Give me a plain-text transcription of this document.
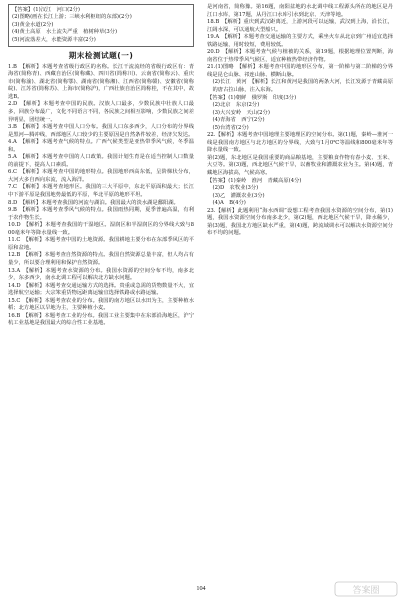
【答案】(1)汉江　河口(2分)

(2)图略(画在长江上游；三峡水利枢纽的东部)(2分)

(3)黄金水道(2分)

(4)黄土高原　水土流失严重　植树种草(3分)

(5)河流落差大，水能资源丰富(2分)

期末检测试题(一)

1.B　【解析】本题考查省级行政区的名称。长江干流流经的省级行政区有：青海省(简称青)、西藏自治区(简称藏)、四川省(简称川)、云南省(简称云)、重庆市(简称渝)、湖北省(简称鄂)、湖南省(简称湘)、江西省(简称赣)、安徽省(简称皖)、江苏省(简称苏)、上海市(简称沪)，广西壮族自治区简称桂，不在其中，故选B。

2.D　【解析】本题考查中国的民族。汉族人口最多，少数民族中壮族人口最多，回族分布最广，文化不同语言不同，各民族之间相互影响，少数民族之间差异明显，团结统一。

3.B　【解析】本题考查中国人口分布。我国人口东多西少，人口分布的分界线是黑河—腾冲线，西部地区人口较少的主要原因是自然条件较差，经济欠发达。

4.A　【解析】本题考查气候的特点。广西气候类型是亚热带季风气候，冬季温和。

5.A　【解析】本题考查中国的人口政策。我国计划生育是在适当控制人口数量的前提下，提高人口素质。

6.C　【解析】本题考查中国的地形特点。我国地形西高东低，呈阶梯状分布，大河大多自西向东流，流入海洋。

7.C　【解析】本题考查地形区。我国的三大平原中，东北平原面积最大；长江中下游平原是我国地势最低的平原，华北平原的地形平坦。

8.D　【解析】本题考查我国的河流与湖泊。我国最大的淡水湖是鄱阳湖。

9.B　【解析】本题考查季风气候的特点。我国雨热同期，夏季普遍高温，有利于农作物生长。

10.D　【解析】本题考查我国的干湿地区。湿润区和半湿润区的分界线大致与800毫米年等降水量线一致。

11.C　【解析】本题考查中国的土地资源。我国耕地主要分布在东部季风区的平原和盆地。

12.B　【解析】本题考查自然资源的特点。我国自然资源总量丰富，但人均占有量少，所以要合理利用和保护自然资源。

13.A　【解析】本题考查水资源的分布。我国水资源的空间分布不均，南多北少，东多西少，南水北调工程可以解决北方缺水问题。

14.D　【解析】本题考查交通运输方式的选择。贵重或急需的货物数量不大，宜选择航空运输；大宗笨重货物远距离运输宜选择铁路或水路运输。

15.C　【解析】本题考查农业的分布。我国的南方地区以水田为主，主要种植水稻；北方地区以旱地为主，主要种植小麦。

16.B　【解析】本题考查工业的分布。我国工业主要集中在东部沿海地区，沪宁杭工业基地是我国最大的综合性工业基地。

是河南省，简称豫。第16题，南阳盆地的水北调中线工程源头所在的地区是丹江口水库，第17题，从丹江口水库引水到北京、天津等地。

18.B　【解析】重庆到武汉距离近，上游河段可以运输，武汉到上海，沿长江，江阔水深，可以通航大型船只。

19.A　【解析】本题考查交通运输的主要方式，乘坐火车从北京到广州适宜选择铁路运输，用时较短，费用较低。

20.D　【解析】本题考查气候与植被的关系，第19题，根据地理位置判断，海南省位于热带季风气候区，适宜种植热带经济作物。

21.(1)图略　【解析】本题考查中国的地形区分布，第一阶梯与第二阶梯的分界线是昆仑山脉、祁连山脉、横断山脉。

(2)长江　黄河　【解析】长江和黄河是我国的两条大河，长江发源于青藏高原的唐古拉山脉，注入东海。

【答案】(1)朝鲜　俄罗斯　印度(3分)

(2)北京　东京(2分)

(3)大兴安岭　天山(2分)

(4)青海省　西宁(2分)

(5)台湾省(2分)

22.【解析】本题考查中国地理主要地理区的空间分布。第(1)题，秦岭—淮河一线是我国南方地区与北方地区的分界线，大致与1月0℃等温线和800毫米年等降水量线一致。

第(2)题，东北地区是我国重要的商品粮基地，主要粮食作物有春小麦、玉米、大豆等。第(3)题，西北地区气候干旱，以畜牧业和灌溉农业为主。第(4)题，青藏地区海拔高，气候高寒。

【答案】(1)秦岭　淮河　青藏高原(4分)

(2)D　农牧业(3分)

(3)乙　灌溉农业(3分)

(4)A　B(4分)

23.【解析】此题利用“海水西调”设想工程考查我国水资源的空间分布，第(1)题，我国水资源空间分布南多北少，第(2)题，西北地区气候干旱，降水稀少，第(3)题，我国北方地区缺水严重，第(4)题，跨流域调水可以解决水资源空间分布不均的问题。

104	答案圈
